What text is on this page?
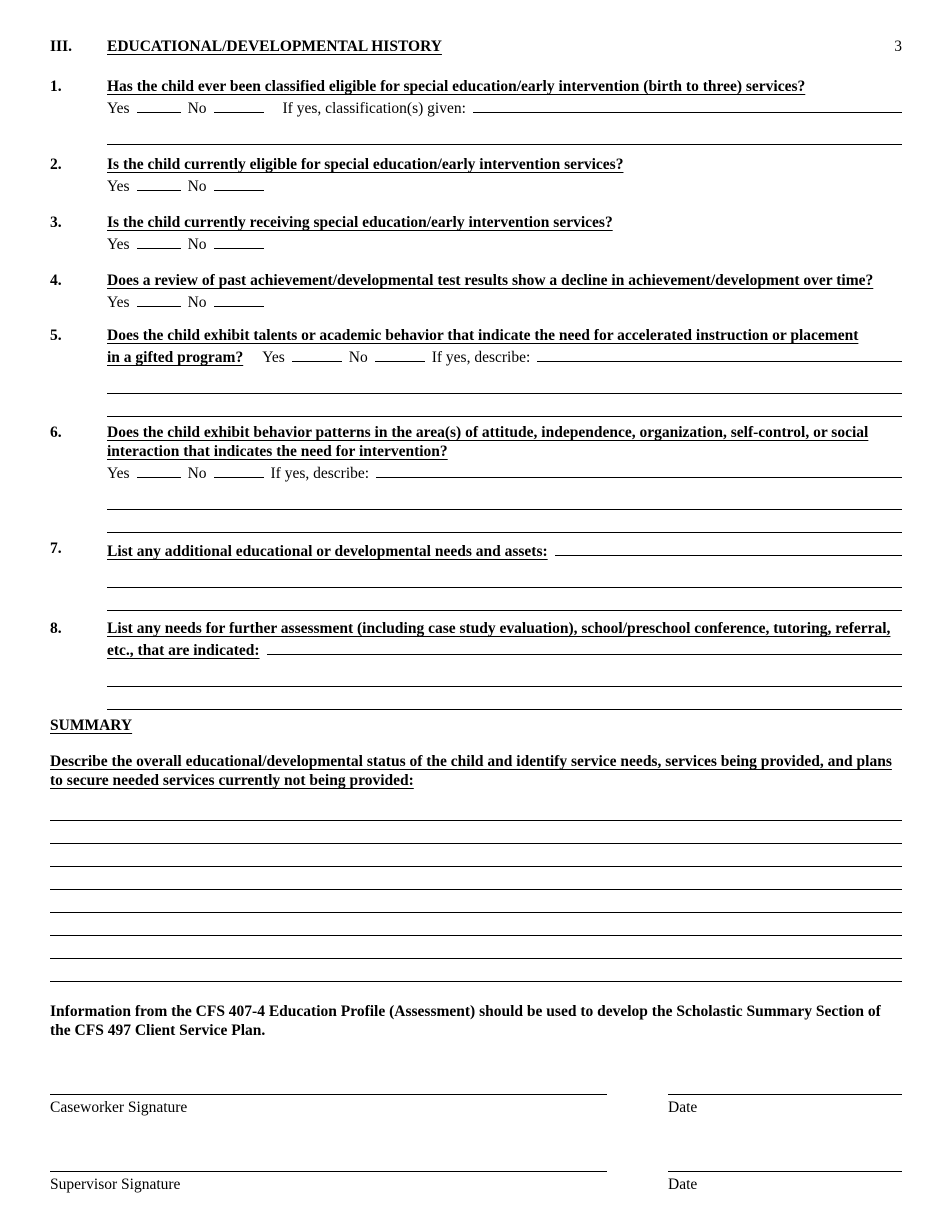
III.	EDUCATIONAL/DEVELOPMENTAL HISTORY	3
1.	Has the child ever been classified eligible for special education/early intervention (birth to three) services?
Yes	No	If yes, classification(s) given:
2.	Is the child currently eligible for special education/early intervention services?
Yes	No
3.	Is the child currently receiving special education/early intervention services?
Yes	No
4.	Does a review of past achievement/developmental test results show a decline in achievement/development over time?
Yes	No
5.	Does the child exhibit talents or academic behavior that indicate the need for accelerated instruction or placement
in a gifted program? Yes	No	If yes, describe:
6.	Does the child exhibit behavior patterns in the area(s) of attitude, independence, organization, self-control, or social interaction that indicates the need for intervention?
Yes	No	If yes, describe:
7.	List any additional educational or developmental needs and assets:
8.	List any needs for further assessment (including case study evaluation), school/preschool conference, tutoring, referral,
etc., that are indicated:
SUMMARY
Describe the overall educational/developmental status of the child and identify service needs, services being provided, and plans to secure needed services currently not being provided:
Information from the CFS 407-4 Education Profile (Assessment) should be used to develop the Scholastic Summary Section of the CFS 497 Client Service Plan.
Caseworker Signature	Date
Supervisor Signature	Date
